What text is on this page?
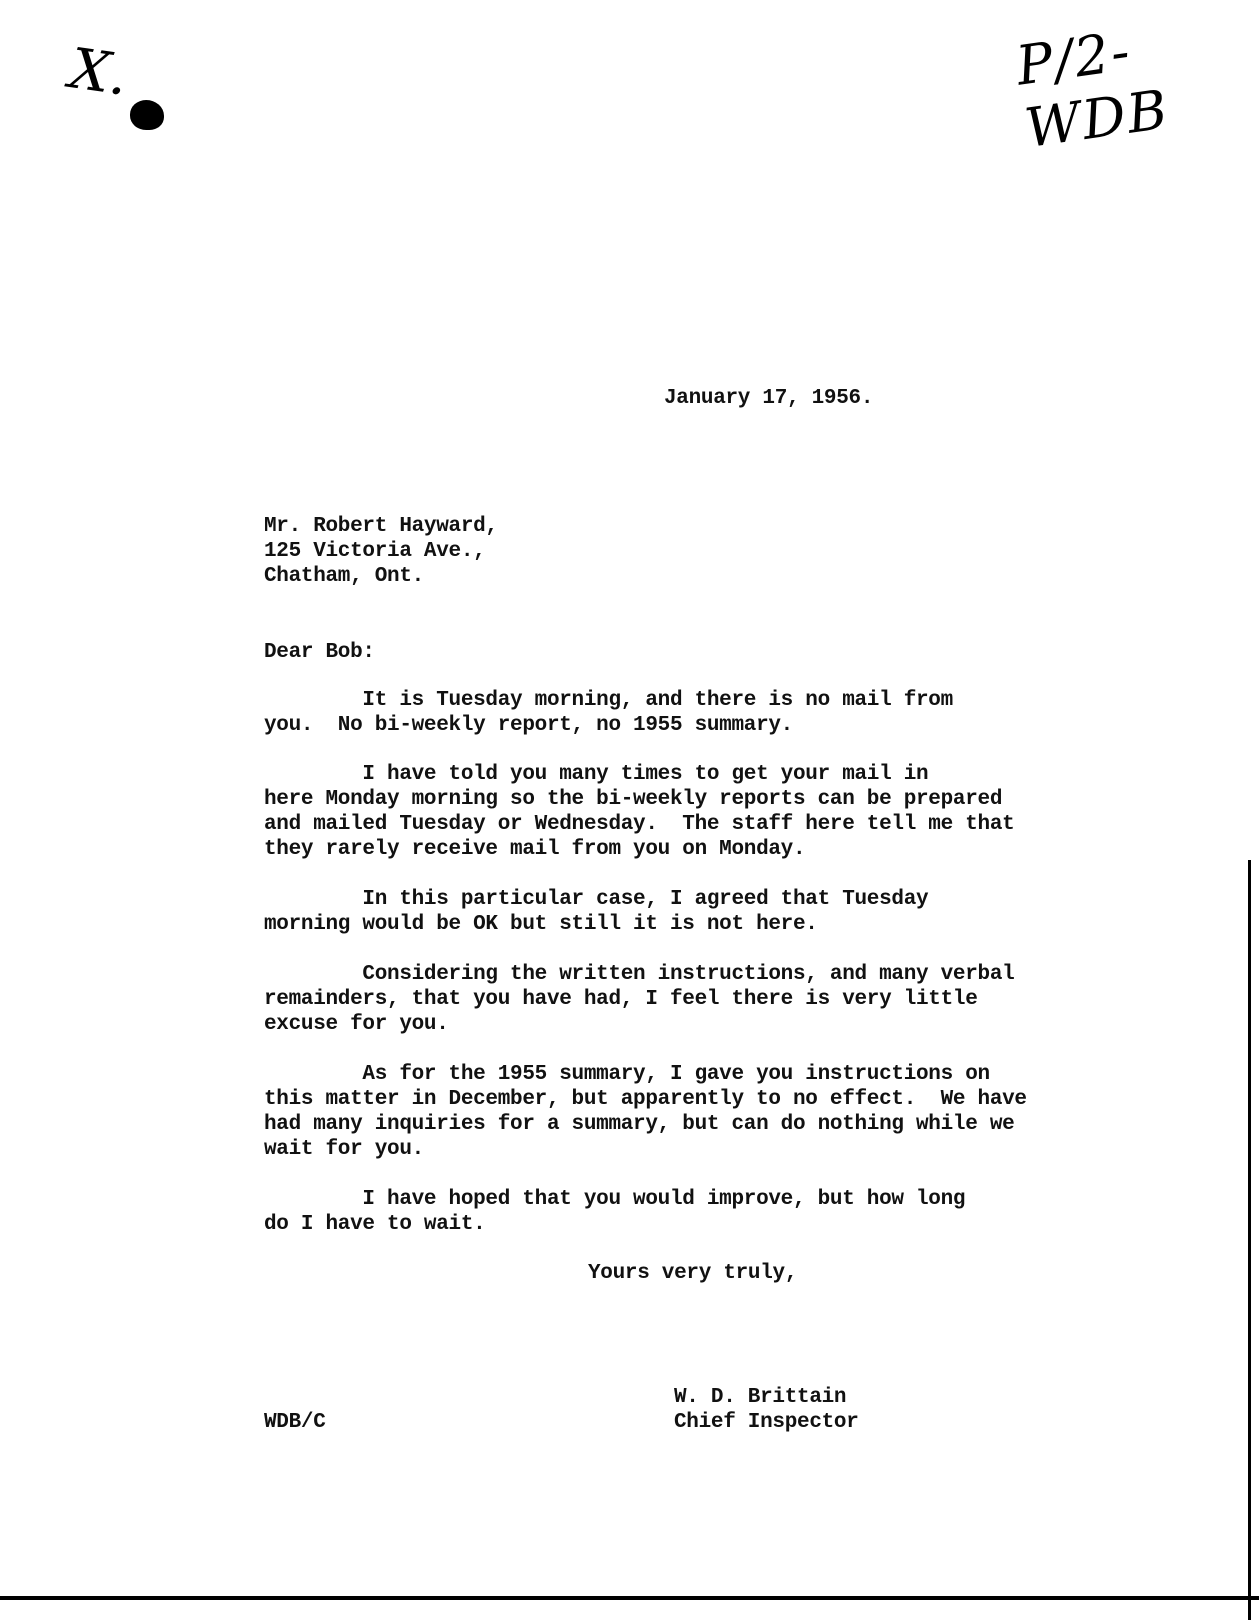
X.	P/2-WDB
January 17, 1956.
Mr. Robert Hayward,
125 Victoria Ave.,
Chatham, Ont.
Dear Bob:
It is Tuesday morning, and there is no mail from
you.  No bi-weekly report, no 1955 summary.
I have told you many times to get your mail in
here Monday morning so the bi-weekly reports can be prepared
and mailed Tuesday or Wednesday.  The staff here tell me that
they rarely receive mail from you on Monday.
In this particular case, I agreed that Tuesday
morning would be OK but still it is not here.
Considering the written instructions, and many verbal
remainders, that you have had, I feel there is very little
excuse for you.
As for the 1955 summary, I gave you instructions on
this matter in December, but apparently to no effect.  We have
had many inquiries for a summary, but can do nothing while we
wait for you.
I have hoped that you would improve, but how long
do I have to wait.
Yours very truly,
W. D. Brittain
Chief Inspector
WDB/C
